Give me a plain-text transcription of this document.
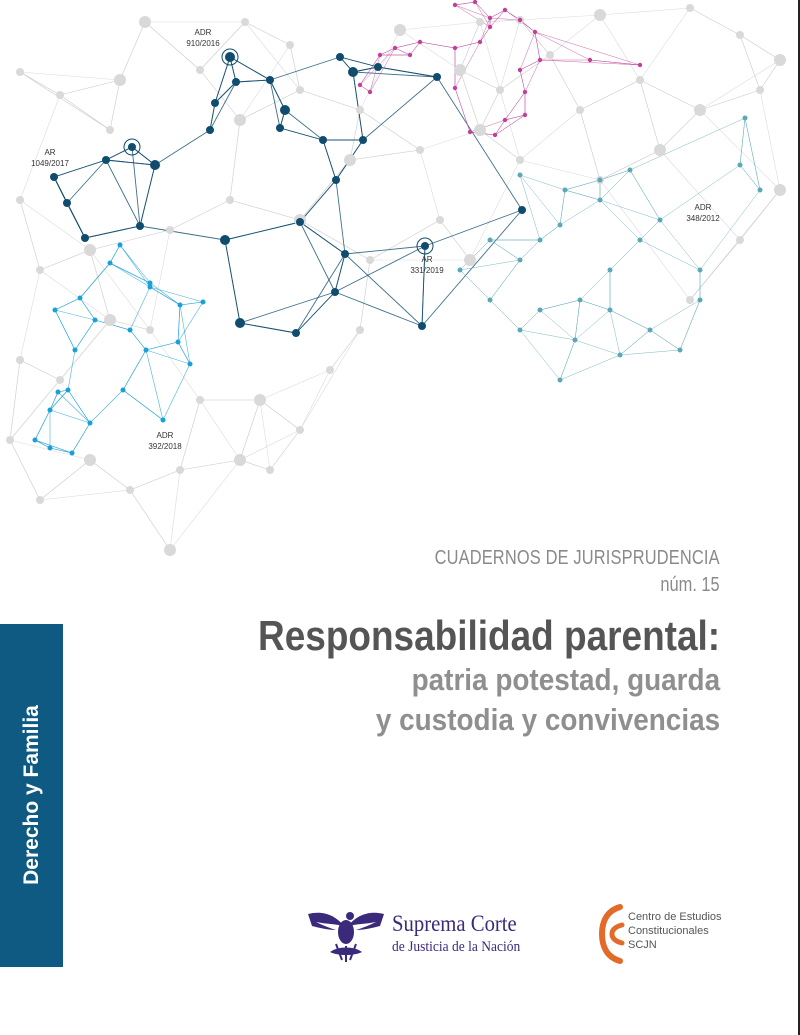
ADR
910/2016
AR
1049/2017
ADR
348/2012
AR
331/2019
ADR
392/2018
CUADERNOS DE JURISPRUDENCIA
núm. 15
Responsabilidad parental:
patria potestad, guarda
y custodia y convivencias
Derecho y Familia
Suprema Corte
de Justicia de la Nación
Centro de Estudios
Constitucionales
SCJN
